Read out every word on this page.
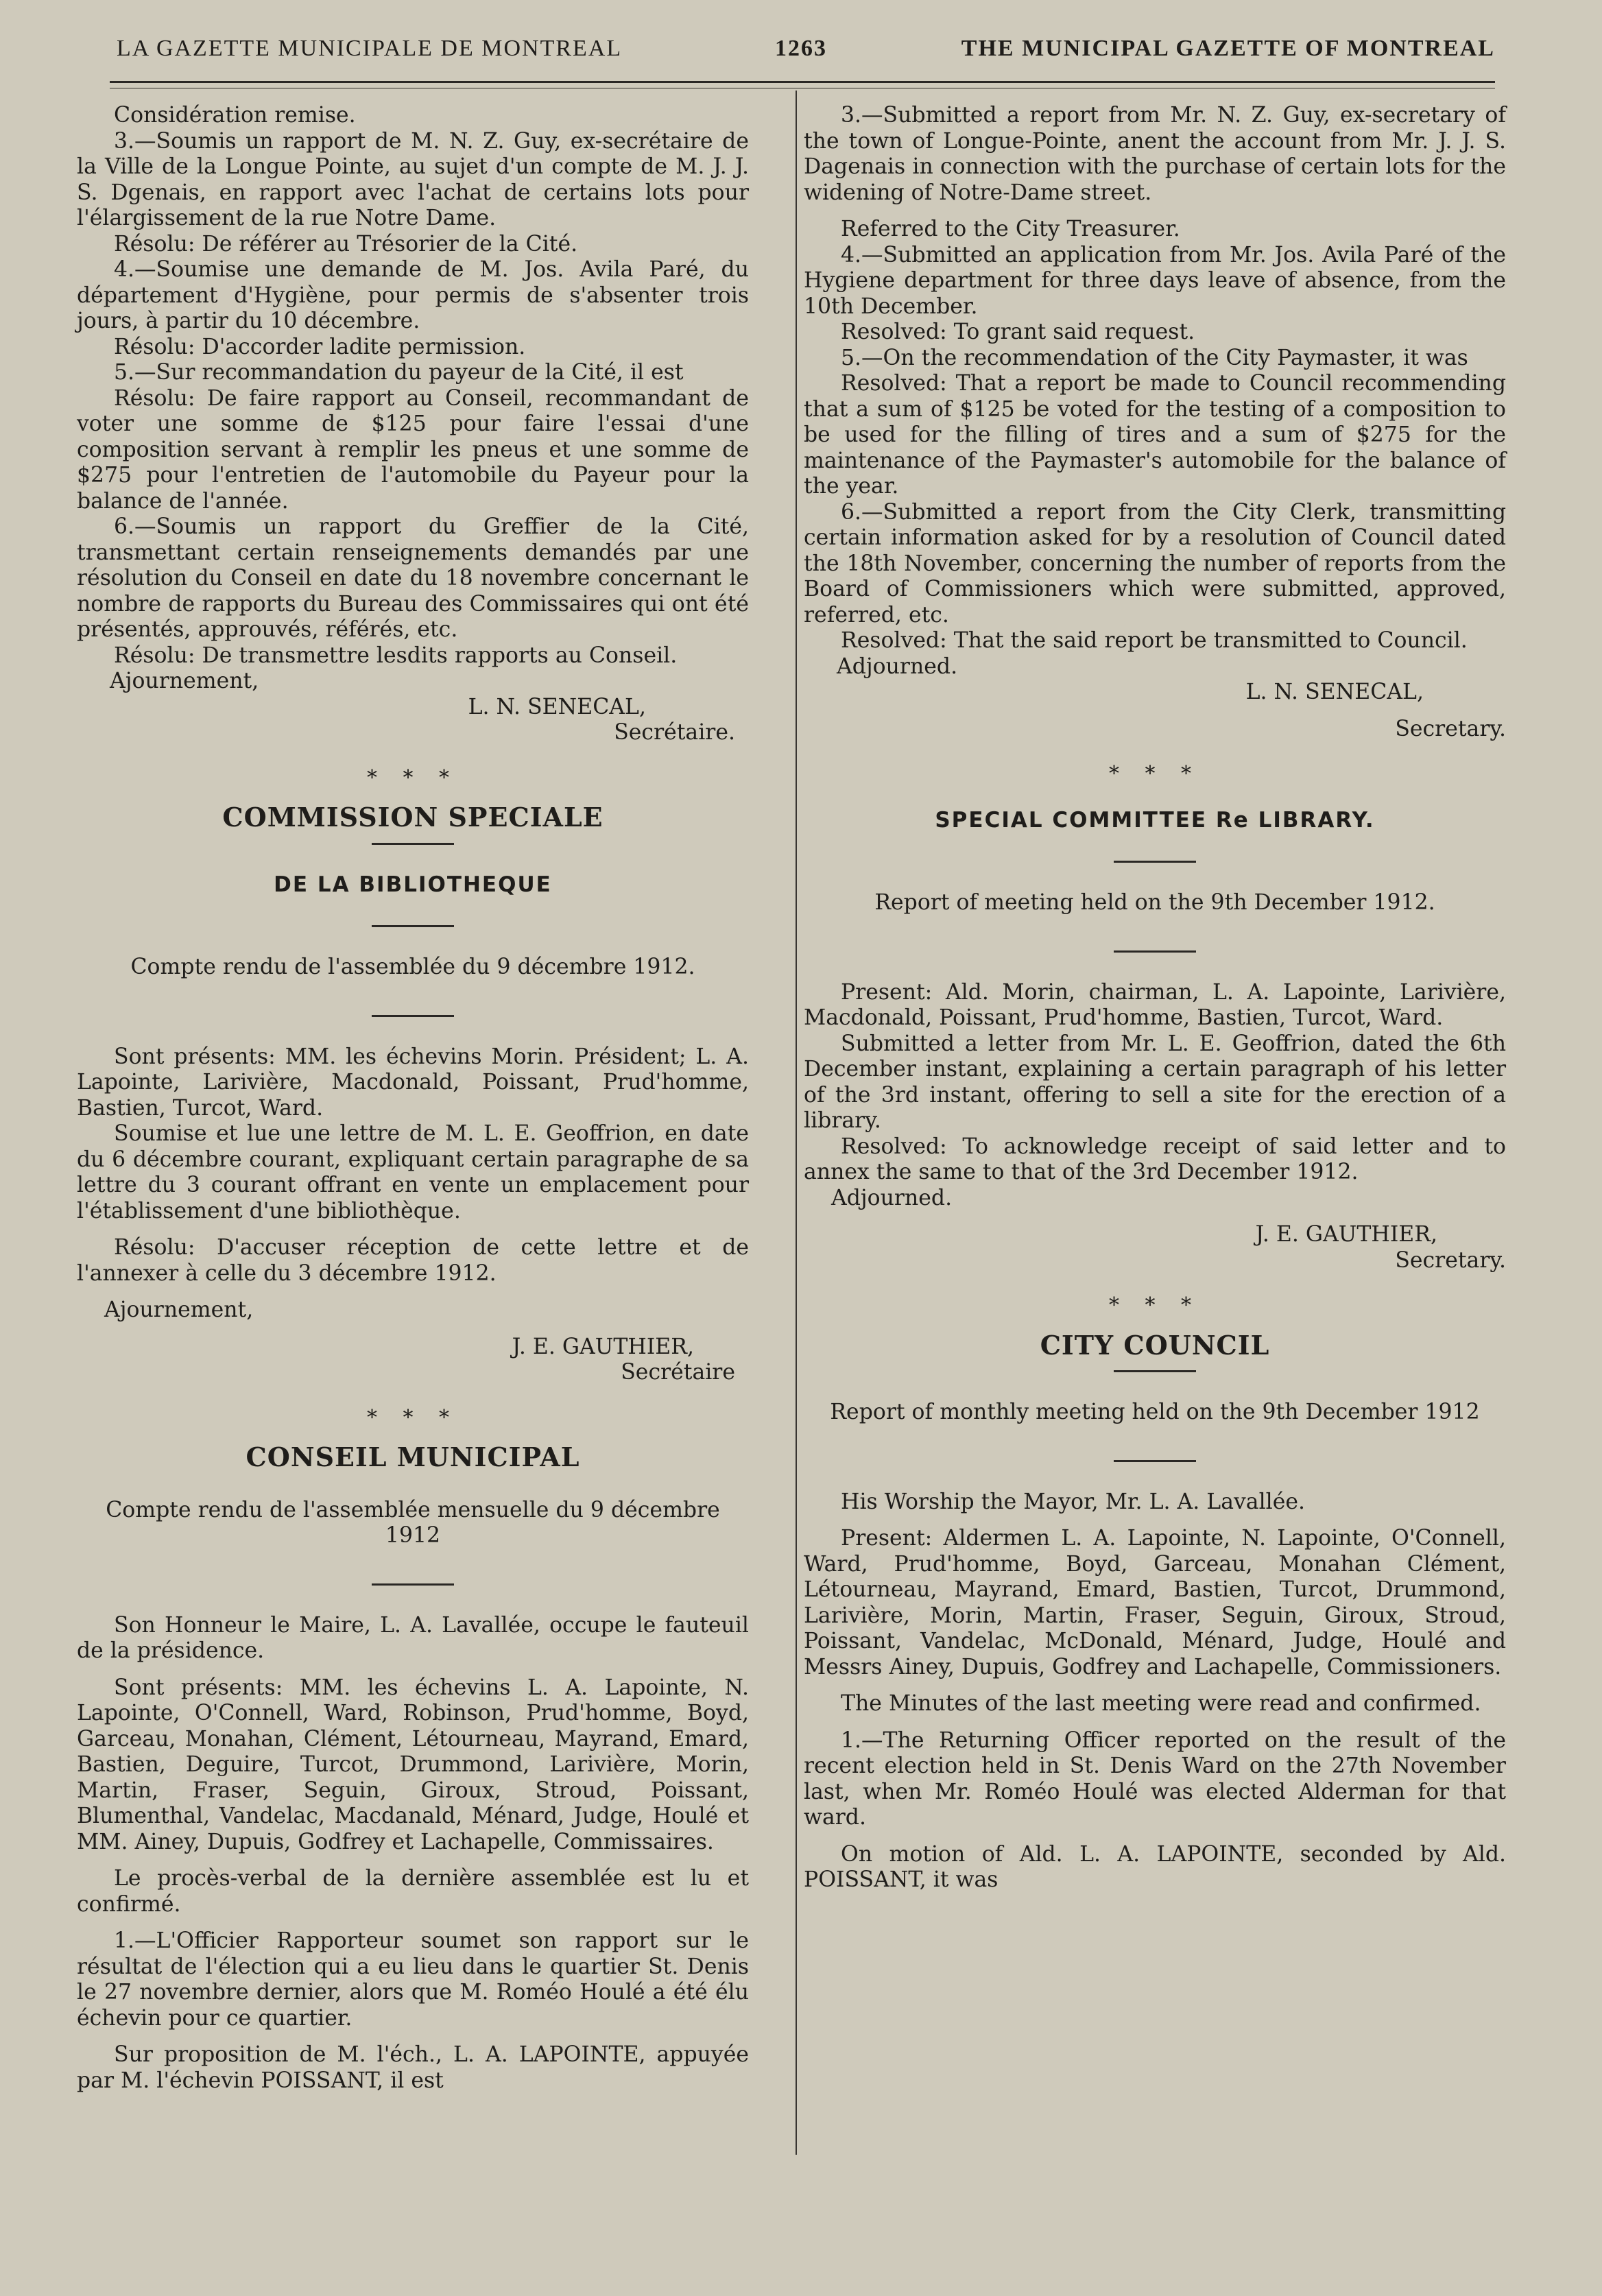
LA GAZETTE MUNICIPALE DE MONTREAL	1263	THE MUNICIPAL GAZETTE OF MONTREAL

Considération remise.

3.—Soumis un rapport de M. N. Z. Guy, ex-secrétaire de la Ville de la Longue Pointe, au sujet d'un compte de M. J. J. S. Dgenais, en rapport avec l'achat de certains lots pour l'élargissement de la rue Notre Dame.

Résolu: De référer au Trésorier de la Cité.

4.—Soumise une demande de M. Jos. Avila Paré, du département d'Hygiène, pour permis de s'absenter trois jours, à partir du 10 décembre.

Résolu: D'accorder ladite permission.

5.—Sur recommandation du payeur de la Cité, il est

Résolu: De faire rapport au Conseil, recommandant de voter une somme de $125 pour faire l'essai d'une composition servant à remplir les pneus et une somme de $275 pour l'entretien de l'automobile du Payeur pour la balance de l'année.

6.—Soumis un rapport du Greffier de la Cité, transmettant certain renseignements demandés par une résolution du Conseil en date du 18 novembre concernant le nombre de rapports du Bureau des Commissaires qui ont été présentés, approuvés, référés, etc.

Résolu: De transmettre lesdits rapports au Conseil.

Ajournement,

L. N. SENECAL,

Secrétaire.

* * *
COMMISSION SPECIALE
DE LA BIBLIOTHEQUE
Compte rendu de l'assemblée du 9 décembre 1912.

Sont présents: MM. les échevins Morin. Président; L. A. Lapointe, Larivière, Macdonald, Poissant, Prud'homme, Bastien, Turcot, Ward.

Soumise et lue une lettre de M. L. E. Geoffrion, en date du 6 décembre courant, expliquant certain paragraphe de sa lettre du 3 courant offrant en vente un emplacement pour l'établissement d'une bibliothèque.

Résolu: D'accuser réception de cette lettre et de l'annexer à celle du 3 décembre 1912.

Ajournement,

J. E. GAUTHIER,

Secrétaire

* * *
CONSEIL MUNICIPAL
Compte rendu de l'assemblée mensuelle du 9 décembre 1912

Son Honneur le Maire, L. A. Lavallée, occupe le fauteuil de la présidence.

Sont présents: MM. les échevins L. A. Lapointe, N. Lapointe, O'Connell, Ward, Robinson, Prud'homme, Boyd, Garceau, Monahan, Clément, Létourneau, Mayrand, Emard, Bastien, Deguire, Turcot, Drummond, Larivière, Morin, Martin, Fraser, Seguin, Giroux, Stroud, Poissant, Blumenthal, Vandelac, Macdanald, Ménard, Judge, Houlé et MM. Ainey, Dupuis, Godfrey et Lachapelle, Commissaires.

Le procès-verbal de la dernière assemblée est lu et confirmé.

1.—L'Officier Rapporteur soumet son rapport sur le résultat de l'élection qui a eu lieu dans le quartier St. Denis le 27 novembre dernier, alors que M. Roméo Houlé a été élu échevin pour ce quartier.

Sur proposition de M. l'éch., L. A. LAPOINTE, appuyée par M. l'échevin POISSANT, il est

3.—Submitted a report from Mr. N. Z. Guy, ex-secretary of the town of Longue-Pointe, anent the account from Mr. J. J. S. Dagenais in connection with the purchase of certain lots for the widening of Notre-Dame street.

Referred to the City Treasurer.

4.—Submitted an application from Mr. Jos. Avila Paré of the Hygiene department for three days leave of absence, from the 10th December.

Resolved: To grant said request.

5.—On the recommendation of the City Paymaster, it was

Resolved: That a report be made to Council recommending that a sum of $125 be voted for the testing of a composition to be used for the filling of tires and a sum of $275 for the maintenance of the Paymaster's automobile for the balance of the year.

6.—Submitted a report from the City Clerk, transmitting certain information asked for by a resolution of Council dated the 18th November, concerning the number of reports from the Board of Commissioners which were submitted, approved, referred, etc.

Resolved: That the said report be transmitted to Council.

Adjourned.

L. N. SENECAL,

Secretary.

* * *
SPECIAL COMMITTEE Re LIBRARY.
Report of meeting held on the 9th December 1912.

Present: Ald. Morin, chairman, L. A. Lapointe, Larivière, Macdonald, Poissant, Prud'homme, Bastien, Turcot, Ward.

Submitted a letter from Mr. L. E. Geoffrion, dated the 6th December instant, explaining a certain paragraph of his letter of the 3rd instant, offering to sell a site for the erection of a library.

Resolved: To acknowledge receipt of said letter and to annex the same to that of the 3rd December 1912.

Adjourned.

J. E. GAUTHIER,

Secretary.

* * *
CITY COUNCIL
Report of monthly meeting held on the 9th December 1912

His Worship the Mayor, Mr. L. A. Lavallée.

Present: Aldermen L. A. Lapointe, N. Lapointe, O'Connell, Ward, Prud'homme, Boyd, Garceau, Monahan Clément, Létourneau, Mayrand, Emard, Bastien, Turcot, Drummond, Larivière, Morin, Martin, Fraser, Seguin, Giroux, Stroud, Poissant, Vandelac, McDonald, Ménard, Judge, Houlé and Messrs Ainey, Dupuis, Godfrey and Lachapelle, Commissioners.

The Minutes of the last meeting were read and confirmed.

1.—The Returning Officer reported on the result of the recent election held in St. Denis Ward on the 27th November last, when Mr. Roméo Houlé was elected Alderman for that ward.

On motion of Ald. L. A. LAPOINTE, seconded by Ald. POISSANT, it was
